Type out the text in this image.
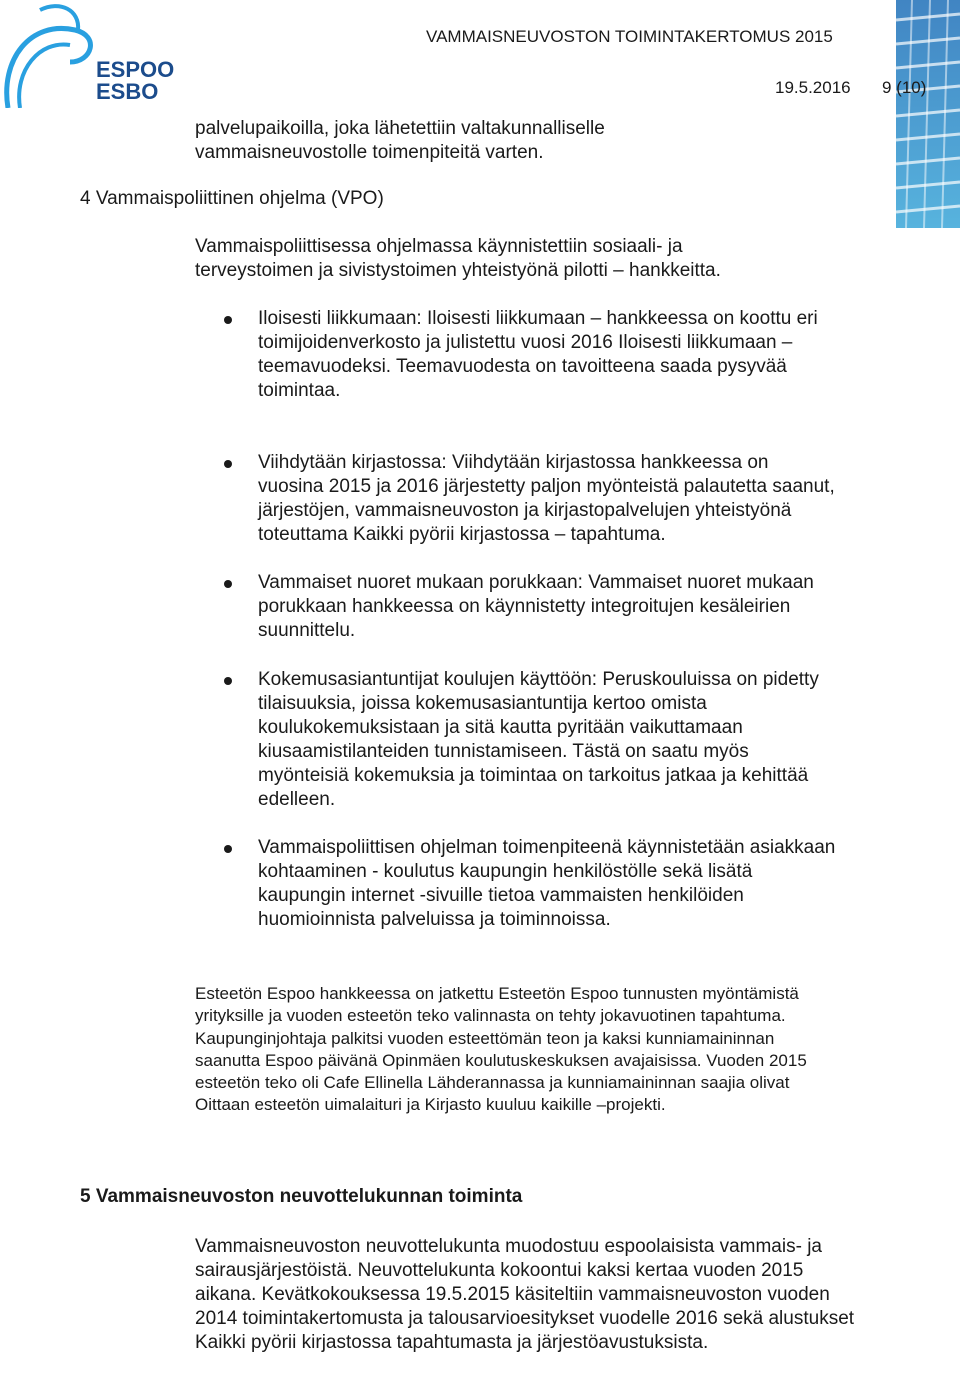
ESPOO
ESBO
VAMMAISNEUVOSTON TOIMINTAKERTOMUS 2015
19.5.2016 9 (10)

palvelupaikoilla, joka lähetettiin valtakunnalliselle vammaisneuvostolle toimenpiteitä varten.

4 Vammaispoliittinen ohjelma (VPO)

Vammaispoliittisessa ohjelmassa käynnistettiin sosiaali- ja terveystoimen ja sivistystoimen yhteistyönä pilotti – hankkeitta.

Iloisesti liikkumaan: Iloisesti liikkumaan – hankkeessa on koottu eri toimijoidenverkosto ja julistettu vuosi 2016 Iloisesti liikkumaan – teemavuodeksi. Teemavuodesta on tavoitteena saada pysyvää toimintaa.

Viihdytään kirjastossa: Viihdytään kirjastossa hankkeessa on vuosina 2015 ja 2016 järjestetty paljon myönteistä palautetta saanut, järjestöjen, vammaisneuvoston ja kirjastopalvelujen yhteistyönä toteuttama Kaikki pyörii kirjastossa – tapahtuma.

Vammaiset nuoret mukaan porukkaan: Vammaiset nuoret mukaan porukkaan hankkeessa on käynnistetty integroitujen kesäleirien suunnittelu.

Kokemusasiantuntijat koulujen käyttöön: Peruskouluissa on pidetty tilaisuuksia, joissa kokemusasiantuntija kertoo omista koulukokemuksistaan ja sitä kautta pyritään vaikuttamaan kiusaamistilanteiden tunnistamiseen. Tästä on saatu myös myönteisiä kokemuksia ja toimintaa on tarkoitus jatkaa ja kehittää edelleen.

Vammaispoliittisen ohjelman toimenpiteenä käynnistetään asiakkaan kohtaaminen - koulutus kaupungin henkilöstölle sekä lisätä kaupungin internet -sivuille tietoa vammaisten henkilöiden huomioinnista palveluissa ja toiminnoissa.

Esteetön Espoo hankkeessa on jatkettu Esteetön Espoo tunnusten myöntämistä yrityksille ja vuoden esteetön teko valinnasta on tehty jokavuotinen tapahtuma. Kaupunginjohtaja palkitsi vuoden esteettömän teon ja kaksi kunniamaininnan saanutta Espoo päivänä Opinmäen koulutuskeskuksen avajaisissa. Vuoden 2015 esteetön teko oli Cafe Ellinella Lähderannassa ja kunniamaininnan saajia olivat Oittaan esteetön uimalaituri ja Kirjasto kuuluu kaikille –projekti.

5 Vammaisneuvoston neuvottelukunnan toiminta

Vammaisneuvoston neuvottelukunta muodostuu espoolaisista vammais- ja sairausjärjestöistä. Neuvottelukunta kokoontui kaksi kertaa vuoden 2015 aikana. Kevätkokouksessa 19.5.2015 käsiteltiin vammaisneuvoston vuoden 2014 toimintakertomusta ja talousarvioesitykset vuodelle 2016 sekä alustukset Kaikki pyörii kirjastossa tapahtumasta ja järjestöavustuksista.
